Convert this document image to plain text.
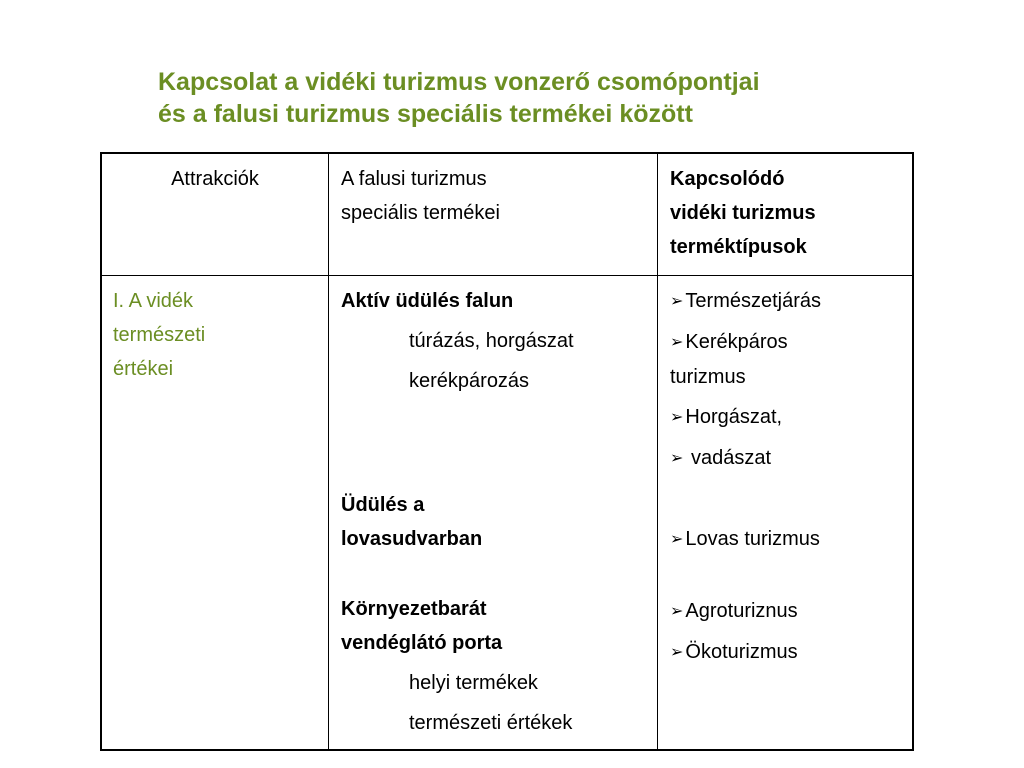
Kapcsolat a vidéki turizmus vonzerő csomópontjai
és a falusi turizmus speciális termékei között
Attrakciók	A falusi turizmus
speciális termékei
Kapcsolódó
vidéki turizmus
terméktípusok
I. A vidék
természeti
értékei
Aktív üdülés falun
túrázás, horgászat
kerékpározás
Üdülés a
lovasudvarban
Környezetbarát
vendéglátó porta
helyi termékek
természeti értékek
➢ Természetjárás
➢ Kerékpáros
turizmus
➢ Horgászat,
➢ vadászat
➢ Lovas turizmus
➢ Agroturiznus
➢ Ökoturizmus
